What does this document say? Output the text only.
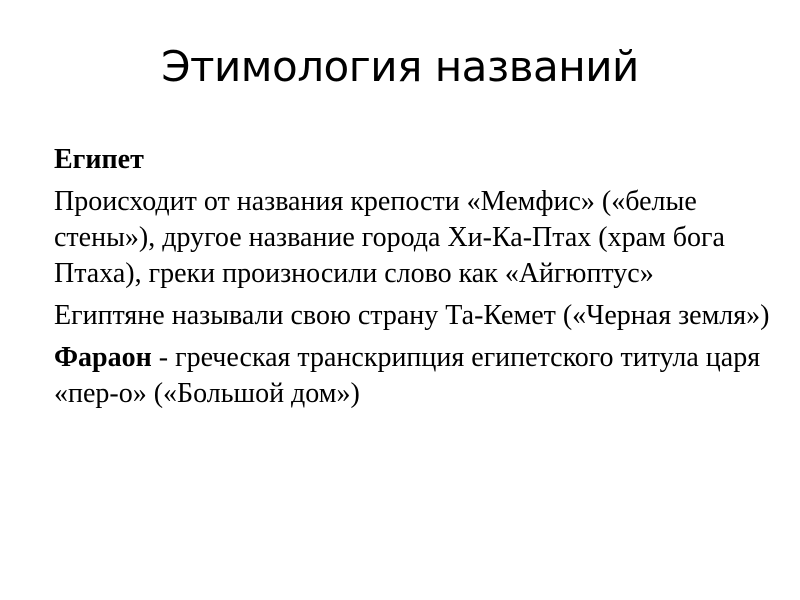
Этимология названий

Египет

Происходит от названия крепости «Мемфис» («белые стены»), другое название города Хи-Ка-Птах (храм бога Птаха), греки произносили слово как «Айгюптус»

Египтяне называли свою страну Та-Кемет («Черная земля»)

Фараон - греческая транскрипция египетского титула царя «пер-о» («Большой дом»)
